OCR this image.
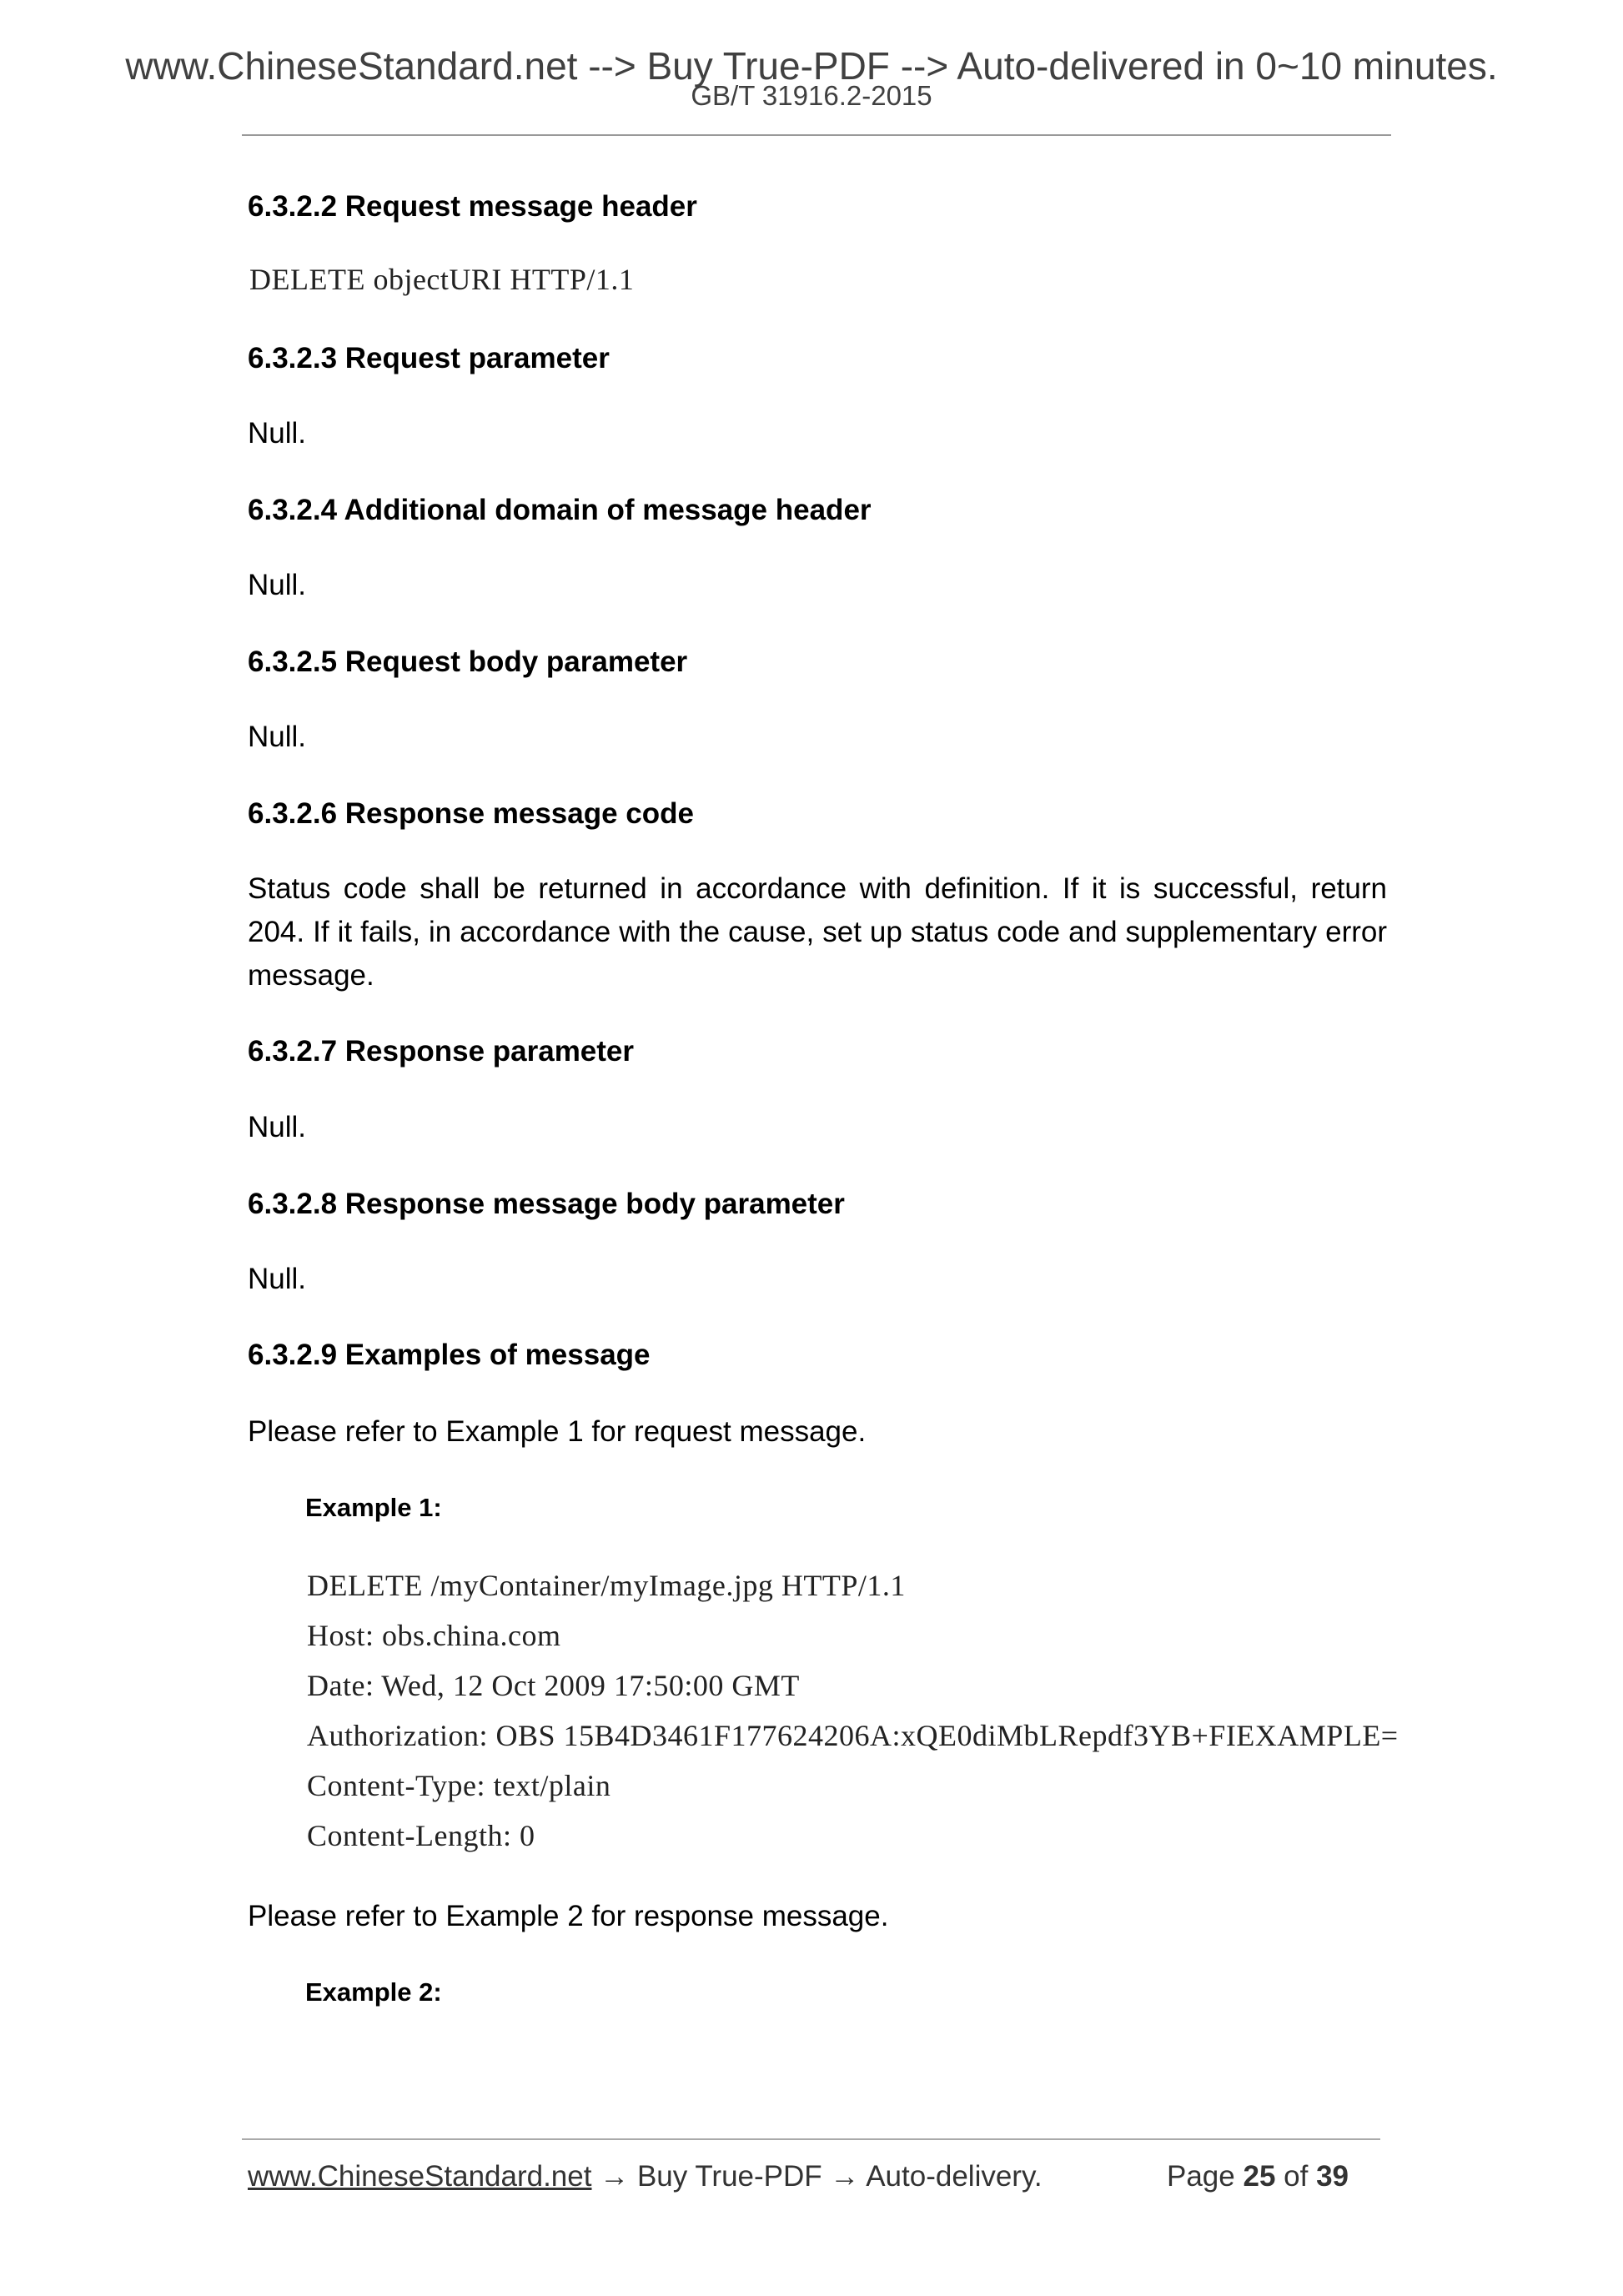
www.ChineseStandard.net --> Buy True-PDF --> Auto-delivered in 0~10 minutes.
GB/T 31916.2-2015
6.3.2.2 Request message header
DELETE objectURI HTTP/1.1
6.3.2.3 Request parameter
Null.
6.3.2.4 Additional domain of message header
Null.
6.3.2.5 Request body parameter
Null.
6.3.2.6 Response message code
Status code shall be returned in accordance with definition. If it is successful, return 204. If it fails, in accordance with the cause, set up status code and supplementary error message.
6.3.2.7 Response parameter
Null.
6.3.2.8 Response message body parameter
Null.
6.3.2.9 Examples of message
Please refer to Example 1 for request message.
Example 1:
DELETE /myContainer/myImage.jpg HTTP/1.1
Host: obs.china.com
Date: Wed, 12 Oct 2009 17:50:00 GMT
Authorization: OBS 15B4D3461F177624206A:xQE0diMbLRepdf3YB+FIEXAMPLE=
Content-Type: text/plain
Content-Length: 0
Please refer to Example 2 for response message.
Example 2:
www.ChineseStandard.net → Buy True-PDF → Auto-delivery.	Page 25 of 39
